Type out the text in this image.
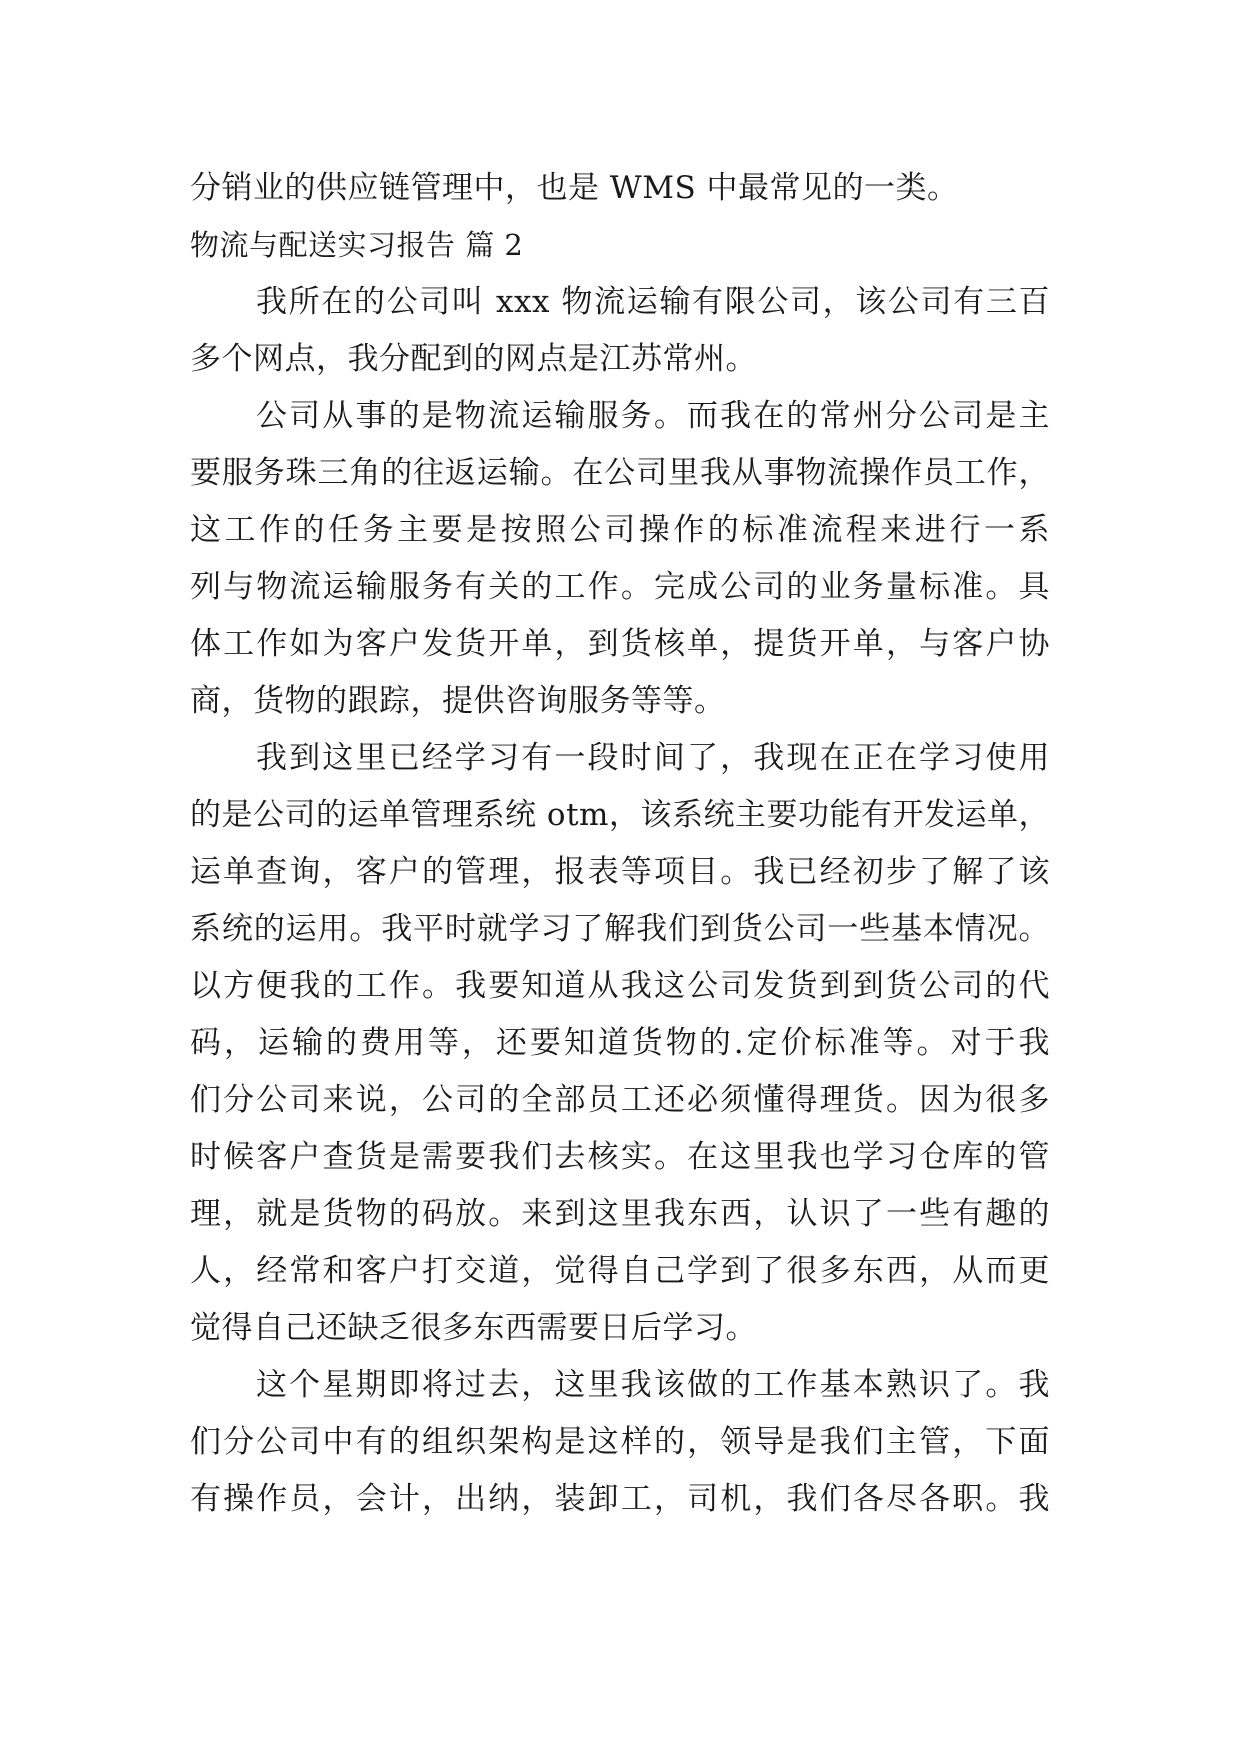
分销业的供应链管理中，也是 WMS 中最常见的一类。
物流与配送实习报告 篇 2
我所在的公司叫 xxx 物流运输有限公司，该公司有三百
多个网点，我分配到的网点是江苏常州。
公司从事的是物流运输服务。而我在的常州分公司是主
要服务珠三角的往返运输。在公司里我从事物流操作员工作，
这工作的任务主要是按照公司操作的标准流程来进行一系
列与物流运输服务有关的工作。完成公司的业务量标准。具
体工作如为客户发货开单，到货核单，提货开单，与客户协
商，货物的跟踪，提供咨询服务等等。
我到这里已经学习有一段时间了，我现在正在学习使用
的是公司的运单管理系统 otm，该系统主要功能有开发运单，
运单查询，客户的管理，报表等项目。我已经初步了解了该
系统的运用。我平时就学习了解我们到货公司一些基本情况。
以方便我的工作。我要知道从我这公司发货到到货公司的代
码，运输的费用等，还要知道货物的.定价标准等。对于我
们分公司来说，公司的全部员工还必须懂得理货。因为很多
时候客户查货是需要我们去核实。在这里我也学习仓库的管
理，就是货物的码放。来到这里我东西，认识了一些有趣的
人，经常和客户打交道，觉得自己学到了很多东西，从而更
觉得自己还缺乏很多东西需要日后学习。
这个星期即将过去，这里我该做的工作基本熟识了。我
们分公司中有的组织架构是这样的，领导是我们主管，下面
有操作员，会计，出纳，装卸工，司机，我们各尽各职。我
